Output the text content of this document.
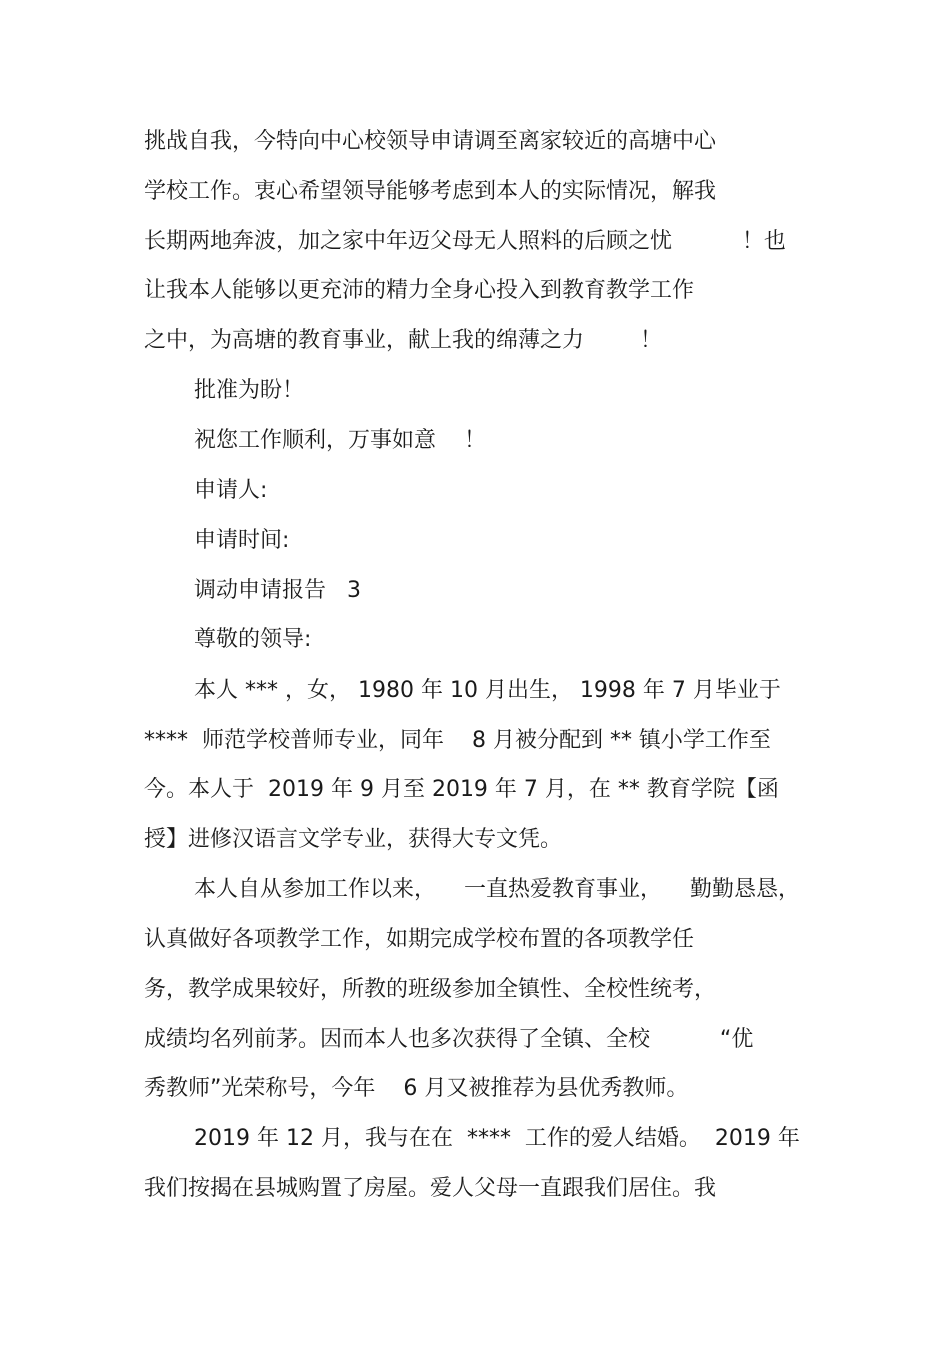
挑战自我，今特向中心校领导申请调至离家较近的高塘中心
学校工作。衷心希望领导能够考虑到本人的实际情况，解我
长期两地奔波，加之家中年迈父母无人照料的后顾之忧          ！也
让我本人能够以更充沛的精力全身心投入到教育教学工作
之中，为高塘的教育事业，献上我的绵薄之力        ！
批准为盼！
祝您工作顺利，万事如意    ！
申请人:
申请时间:
调动申请报告   3
尊敬的领导:
本人 *** ，女， 1980 年 10 月出生， 1998 年 7 月毕业于
****  师范学校普师专业，同年    8 月被分配到 ** 镇小学工作至
今。本人于  2019 年 9 月至 2019 年 7 月，在 ** 教育学院【函
授】进修汉语言文学专业，获得大专文凭。
本人自从参加工作以来，    一直热爱教育事业，    勤勤恳恳，
认真做好各项教学工作，如期完成学校布置的各项教学任
务，教学成果较好，所教的班级参加全镇性、全校性统考，
成绩均名列前茅。因而本人也多次获得了全镇、全校          “优
秀教师”光荣称号，今年    6 月又被推荐为县优秀教师。
2019 年 12 月，我与在在  ****  工作的爱人结婚。  2019 年
我们按揭在县城购置了房屋。爱人父母一直跟我们居住。我
